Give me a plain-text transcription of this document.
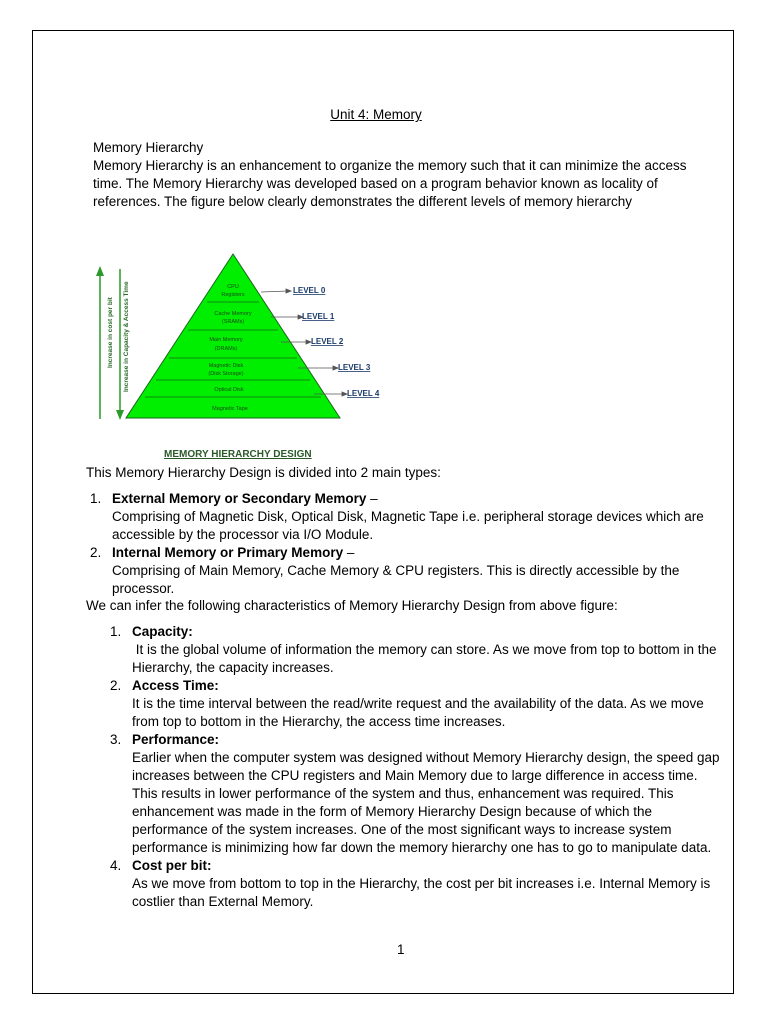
Unit 4: Memory
Memory Hierarchy
Memory Hierarchy is an enhancement to organize the memory such that it can minimize the access time. The Memory Hierarchy was developed based on a program behavior known as locality of references. The figure below clearly demonstrates the different levels of memory hierarchy
Increase in cost per bit Increase in Capacity & Access Time	CPU
Registers
Cache Memory
(SRAMs)
Main Memory
(DRAMs)
Magnetic Disk
(Disk Storage)
Optical Disk
Magnetic Tape
LEVEL 0
LEVEL 1
LEVEL 2
LEVEL 3
LEVEL 4
MEMORY HIERARCHY DESIGN
This Memory Hierarchy Design is divided into 2 main types:
1. External Memory or Secondary Memory –
Comprising of Magnetic Disk, Optical Disk, Magnetic Tape i.e. peripheral storage devices which are accessible by the processor via I/O Module.
2. Internal Memory or Primary Memory –
Comprising of Main Memory, Cache Memory & CPU registers. This is directly accessible by the processor.
We can infer the following characteristics of Memory Hierarchy Design from above figure:
1. Capacity:
It is the global volume of information the memory can store. As we move from top to bottom in the Hierarchy, the capacity increases.
2. Access Time:
It is the time interval between the read/write request and the availability of the data. As we move from top to bottom in the Hierarchy, the access time increases.
3. Performance:
Earlier when the computer system was designed without Memory Hierarchy design, the speed gap increases between the CPU registers and Main Memory due to large difference in access time. This results in lower performance of the system and thus, enhancement was required. This enhancement was made in the form of Memory Hierarchy Design because of which the performance of the system increases. One of the most significant ways to increase system performance is minimizing how far down the memory hierarchy one has to go to manipulate data.
4. Cost per bit:
As we move from bottom to top in the Hierarchy, the cost per bit increases i.e. Internal Memory is costlier than External Memory.
1
